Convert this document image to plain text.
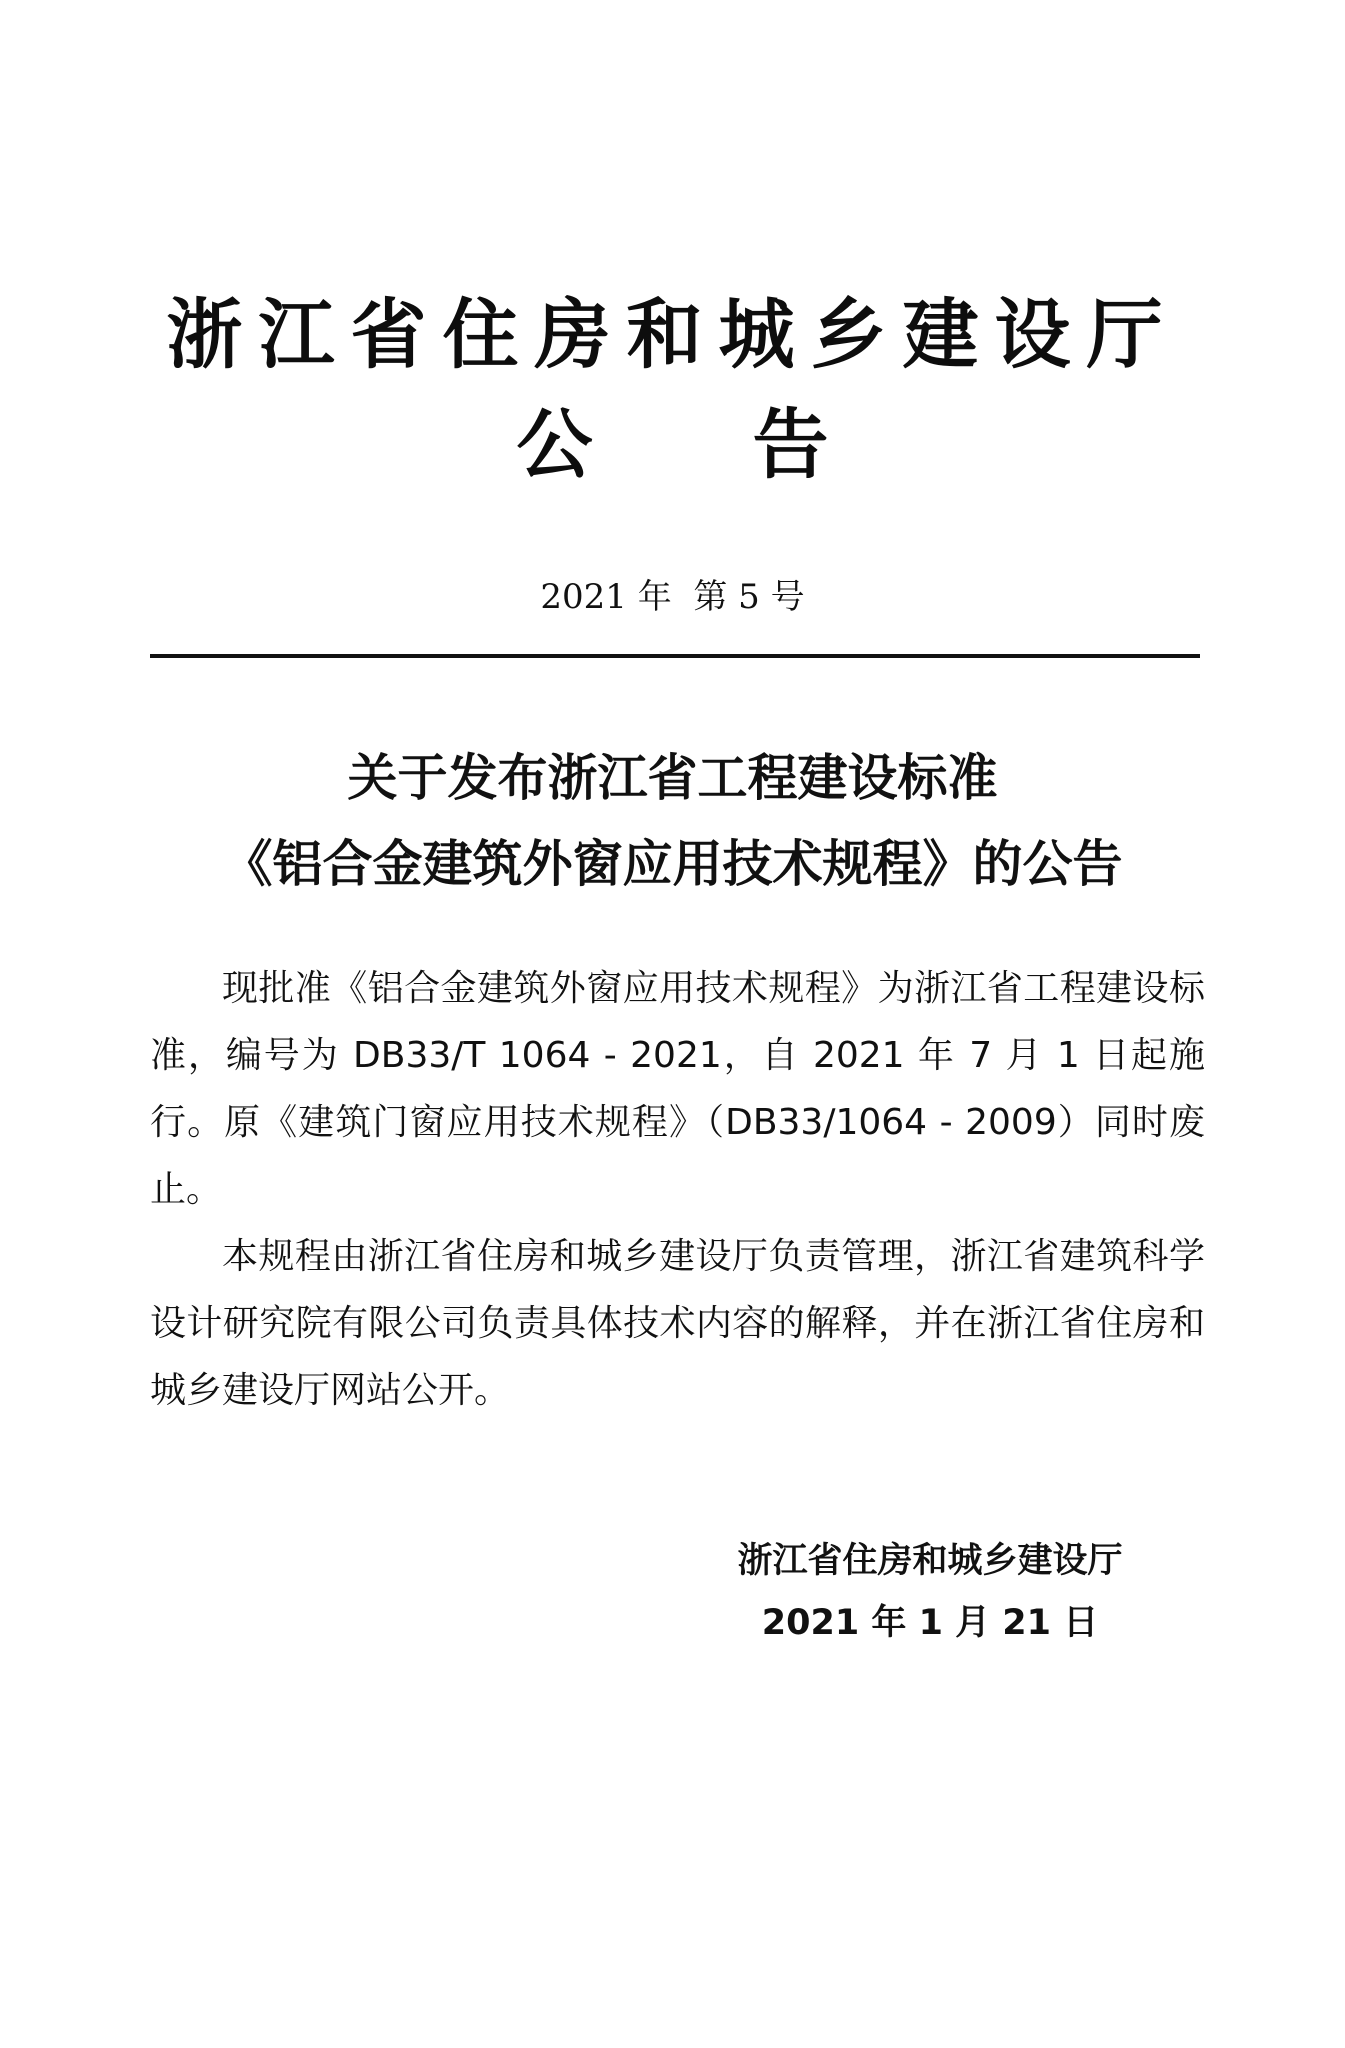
浙江省住房和城乡建设厅
公 告
2021 年  第 5 号
关于发布浙江省工程建设标准
《铝合金建筑外窗应用技术规程》的公告

现批准《铝合金建筑外窗应用技术规程》为浙江省工程建设标准，编号为 DB33/T 1064 - 2021，自 2021 年 7 月 1 日起施行。原《建筑门窗应用技术规程》（DB33/1064 - 2009）同时废止。

本规程由浙江省住房和城乡建设厅负责管理，浙江省建筑科学设计研究院有限公司负责具体技术内容的解释，并在浙江省住房和城乡建设厅网站公开。

浙江省住房和城乡建设厅
2021 年 1 月 21 日
